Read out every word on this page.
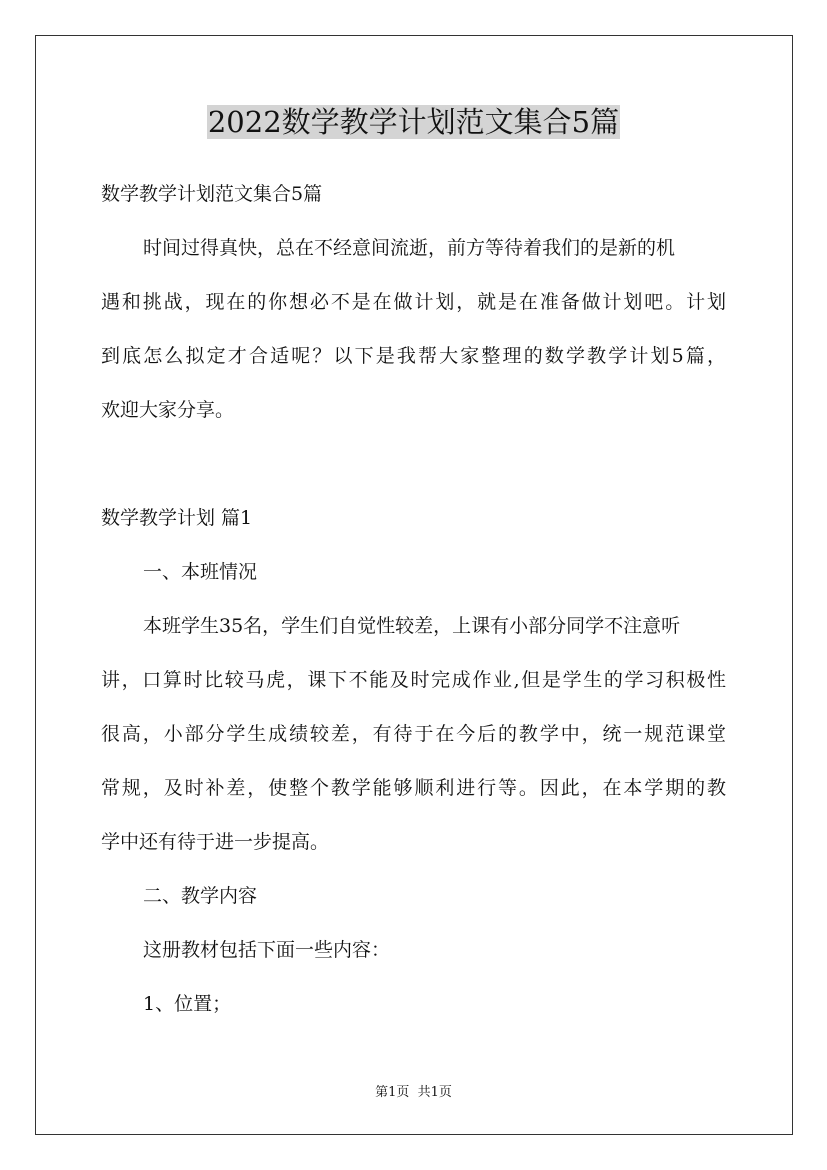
2022数学教学计划范文集合5篇
数学教学计划范文集合5篇
时间过得真快，总在不经意间流逝，前方等待着我们的是新的机
遇和挑战，现在的你想必不是在做计划，就是在准备做计划吧。计划
到底怎么拟定才合适呢？以下是我帮大家整理的数学教学计划5篇，
欢迎大家分享。
数学教学计划 篇1
一、本班情况
本班学生35名，学生们自觉性较差，上课有小部分同学不注意听
讲，口算时比较马虎，课下不能及时完成作业,但是学生的学习积极性
很高，小部分学生成绩较差，有待于在今后的教学中，统一规范课堂
常规，及时补差，使整个教学能够顺利进行等。因此，在本学期的教
学中还有待于进一步提高。
二、教学内容
这册教材包括下面一些内容：
1、位置；
第1页 共1页
